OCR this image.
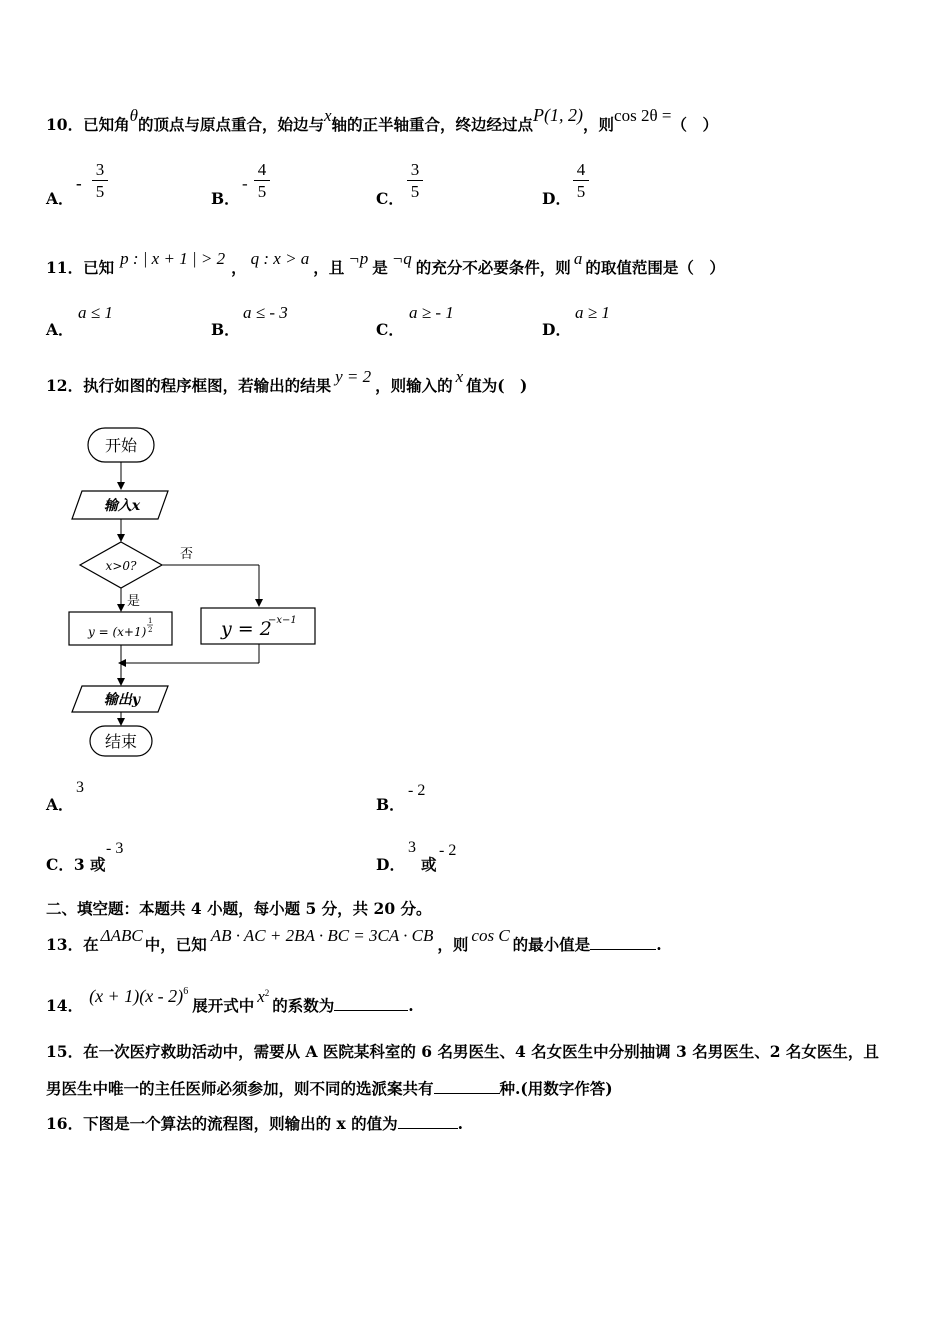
10．已知角θ的顶点与原点重合，始边与x轴的正半轴重合，终边经过点P(1, 2)，则cos 2θ =（　）
A．
- $\frac{3}{5}$	B．
- $\frac{4}{5}$	C． $\frac{3}{5}$	D． $\frac{4}{5}$
11．已知 p : | x + 1 | > 2 ， q : x > a ，且 ¬p 是 ¬q 的充分不必要条件，则 a 的取值范围是（　）
A．
a ≤ 1
B．
a ≤ - 3
C．
a ≥ - 1
D．
a ≥ 1
12．执行如图的程序框图，若输出的结果 y = 2 ，则输入的 x 值为(　)
开始
输入x
x>0?
否
是
y = (x+1)
1
2	y = 2
−x−1
输出y
结束
A．
3
B．
- 2
C．3 或
- 3
D．
3
或
- 2
二、填空题：本题共 4 小题，每小题 5 分，共 20 分。
13．在 ΔABC 中，已知 AB · AC + 2BA · BC = 3CA · CB ，则 cos C 的最小值是	.
14． (x + 1)(x - 2)$^6$展开式中 $x^2$的系数为	.
15．在一次医疗救助活动中，需要从 A 医院某科室的 6 名男医生、4 名女医生中分别抽调 3 名男医生、2 名女医生，且
男医生中唯一的主任医师必须参加，则不同的选派案共有	种.(用数字作答)
16．下图是一个算法的流程图，则输出的 x 的值为	.
